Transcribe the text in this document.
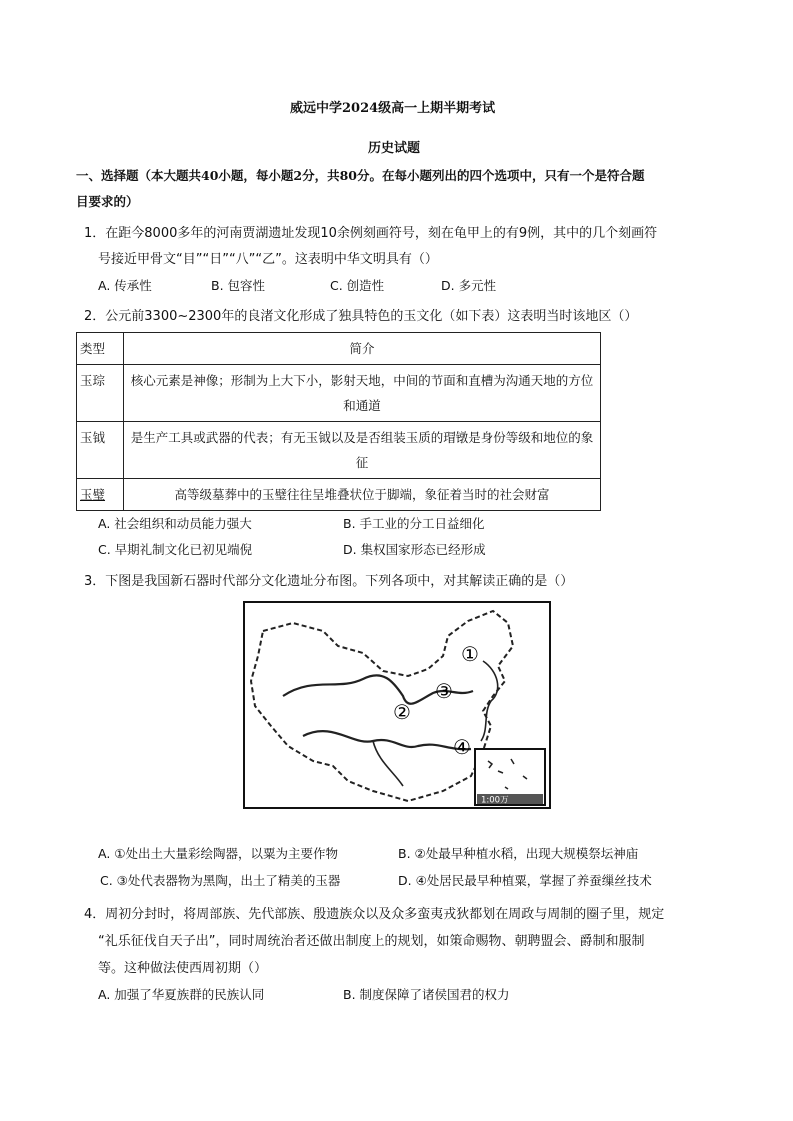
威远中学2024级高一上期半期考试
历史试题
一、选择题（本大题共40小题，每小题2分，共80分。在每小题列出的四个选项中，只有一个是符合题
目要求的）
1．在距今8000多年的河南贾湖遗址发现10余例刻画符号，刻在龟甲上的有9例，其中的几个刻画符
号接近甲骨文“目”“日”“八”“乙”。这表明中华文明具有（）
A. 传承性	B. 包容性	C. 创造性	D. 多元性
2．公元前3300~2300年的良渚文化形成了独具特色的玉文化（如下表）这表明当时该地区（）
类型	简介
玉琮	核心元素是神像；形制为上大下小，影射天地，中间的节面和直槽为沟通天地的方位和通道
玉钺	是生产工具或武器的代表；有无玉钺以及是否组装玉质的瑁镦是身份等级和地位的象征
玉璧	高等级墓葬中的玉璧往往呈堆叠状位于脚端，象征着当时的社会财富
A. 社会组织和动员能力强大	B. 手工业的分工日益细化
C. 早期礼制文化已初见端倪	D. 集权国家形态已经形成
3．下图是我国新石器时代部分文化遗址分布图。下列各项中，对其解读正确的是（）
1:00万
①
②
③
④
A. ①处出土大量彩绘陶器，以粟为主要作物	B. ②处最早种植水稻，出现大规模祭坛神庙
C. ③处代表器物为黑陶，出土了精美的玉器	D. ④处居民最早种植粟，掌握了养蚕缫丝技术
4．周初分封时，将周部族、先代部族、殷遗族众以及众多蛮夷戎狄都划在周政与周制的圈子里，规定
“礼乐征伐自天子出”，同时周统治者还做出制度上的规划，如策命赐物、朝聘盟会、爵制和服制
等。这种做法使西周初期（）
A. 加强了华夏族群的民族认同	B. 制度保障了诸侯国君的权力
